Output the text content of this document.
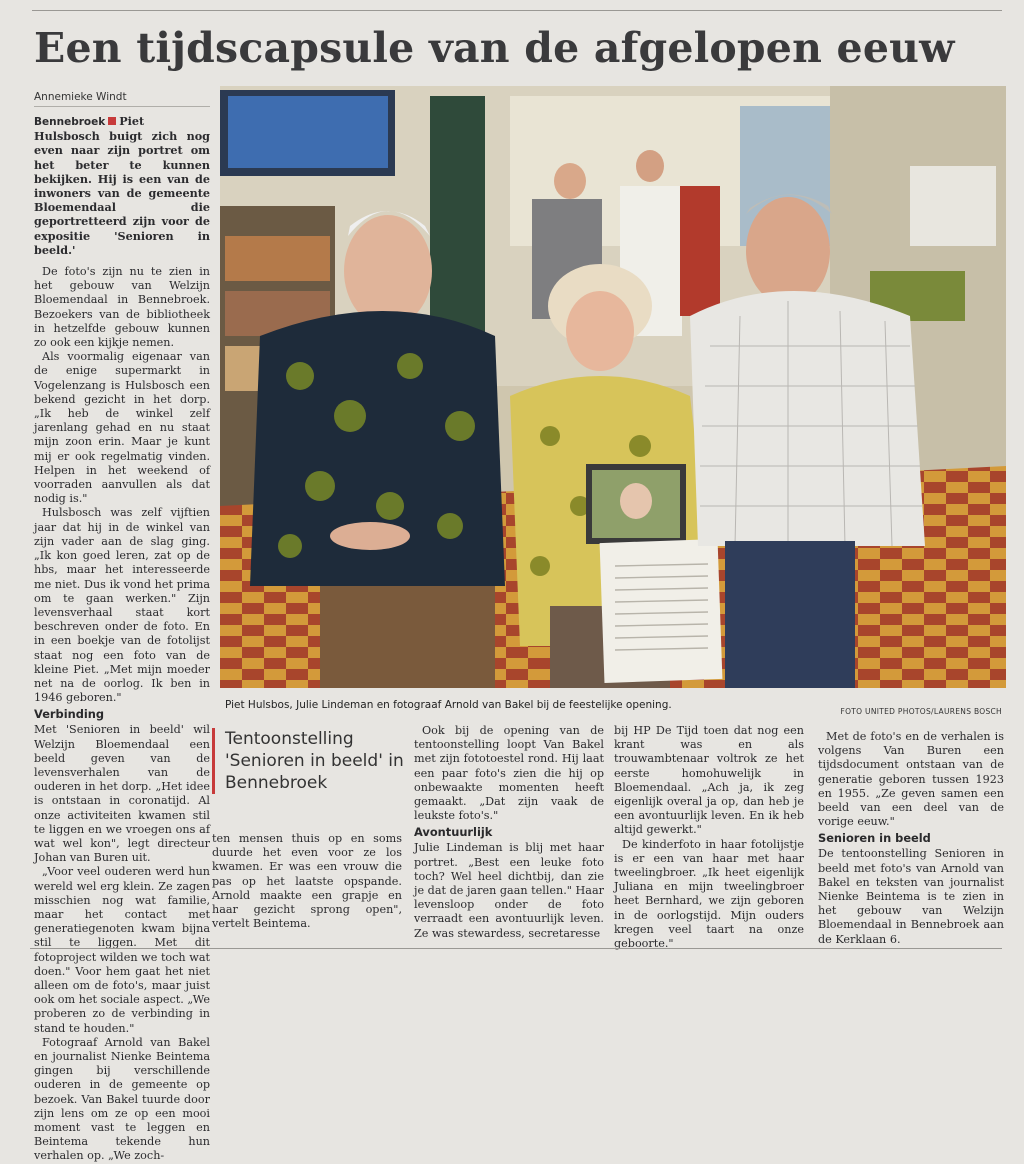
Een tijdscapsule van de afgelopen eeuw
Annemieke Windt

Bennebroek Piet Hulsbosch buigt zich nog even naar zijn portret om het beter te kunnen bekijken. Hij is een van de inwoners van de gemeente Bloemendaal die geportretteerd zijn voor de expositie 'Senioren in beeld.'

De foto's zijn nu te zien in het gebouw van Welzijn Bloemendaal in Bennebroek. Bezoekers van de bibliotheek in hetzelfde gebouw kunnen zo ook een kijkje nemen.

Als voormalig eigenaar van de enige supermarkt in Vogelenzang is Hulsbosch een bekend gezicht in het dorp. „Ik heb de winkel zelf jarenlang gehad en nu staat mijn zoon erin. Maar je kunt mij er ook regelmatig vinden. Helpen in het weekend of voorraden aanvullen als dat nodig is."

Hulsbosch was zelf vijftien jaar dat hij in de winkel van zijn vader aan de slag ging. „Ik kon goed leren, zat op de hbs, maar het interesseerde me niet. Dus ik vond het prima om te gaan werken." Zijn levensverhaal staat kort beschreven onder de foto. En in een boekje van de fotolijst staat nog een foto van de kleine Piet. „Met mijn moeder net na de oorlog. Ik ben in 1946 geboren."

Verbinding

Met 'Senioren in beeld' wil Welzijn Bloemendaal een beeld geven van de levensverhalen van de ouderen in het dorp. „Het idee is ontstaan in coronatijd. Al onze activiteiten kwamen stil te liggen en we vroegen ons af wat wel kon", legt directeur Johan van Buren uit.

„Voor veel ouderen werd hun wereld wel erg klein. Ze zagen misschien nog wat familie, maar het contact met generatiegenoten kwam bijna stil te liggen. Met dit fotoproject wilden we toch wat doen." Voor hem gaat het niet alleen om de foto's, maar juist ook om het sociale aspect. „We proberen zo de verbinding in stand te houden."

Fotograaf Arnold van Bakel en journalist Nienke Beintema gingen bij verschillende ouderen in de gemeente op bezoek. Van Bakel tuurde door zijn lens om ze op een mooi moment vast te leggen en Beintema tekende hun verhalen op. „We zoch-

Piet Hulsbos, Julie Lindeman en fotograaf Arnold van Bakel bij de feestelijke opening.
FOTO UNITED PHOTOS/LAURENS BOSCH
Tentoonstelling 'Senioren in beeld' in Bennebroek

ten mensen thuis op en soms duurde het even voor ze los kwamen. Er was een vrouw die pas op het laatste opspande. Arnold maakte een grapje en haar gezicht sprong open", vertelt Beintema.

Ook bij de opening van de tentoonstelling loopt Van Bakel met zijn fototoestel rond. Hij laat een paar foto's zien die hij op onbewaakte momenten heeft gemaakt. „Dat zijn vaak de leukste foto's."

Avontuurlijk

Julie Lindeman is blij met haar portret. „Best een leuke foto toch? Wel heel dichtbij, dan zie je dat de jaren gaan tellen." Haar levensloop onder de foto verraadt een avontuurlijk leven. Ze was stewardess, secretaresse

bij HP De Tijd toen dat nog een krant was en als trouwambtenaar voltrok ze het eerste homohuwelijk in Bloemendaal. „Ach ja, ik zeg eigenlijk overal ja op, dan heb je een avontuurlijk leven. En ik heb altijd gewerkt."

De kinderfoto in haar fotolijstje is er een van haar met haar tweelingbroer. „Ik heet eigenlijk Juliana en mijn tweelingbroer heet Bernhard, we zijn geboren in de oorlogstijd. Mijn ouders kregen veel taart na onze geboorte."

Met de foto's en de verhalen is volgens Van Buren een tijdsdocument ontstaan van de generatie geboren tussen 1923 en 1955. „Ze geven samen een beeld van een deel van de vorige eeuw."

Senioren in beeld

De tentoonstelling Senioren in beeld met foto's van Arnold van Bakel en teksten van journalist Nienke Beintema is te zien in het gebouw van Welzijn Bloemendaal in Bennebroek aan de Kerklaan 6.
